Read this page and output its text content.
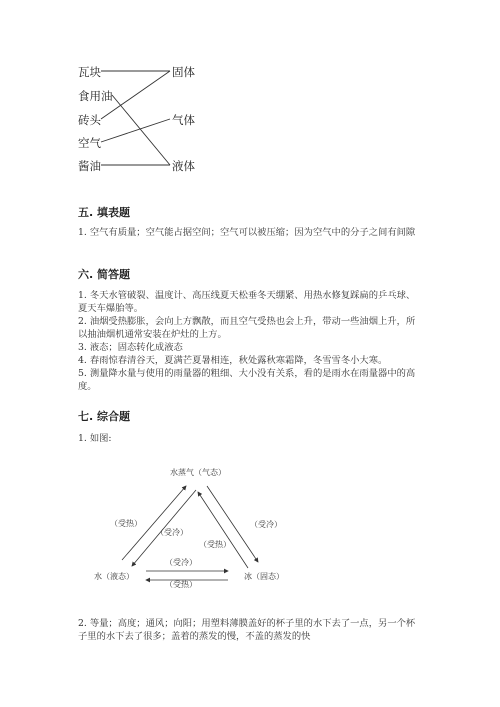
瓦块
食用油
砖头
空气
酱油
固体
气体
液体
五. 填表题

1. 空气有质量；空气能占据空间；空气可以被压缩；因为空气中的分子之间有间隙

六. 简答题

1. 冬天水管破裂、温度计、高压线夏天松垂冬天绷紧、用热水修复踩扁的乒乓球、夏天车爆胎等。

2. 油烟受热膨胀，会向上方飘散，而且空气受热也会上升，带动一些油烟上升，所以抽油烟机通常安装在炉灶的上方。

3. 液态；固态转化成液态

4. 春雨惊春清谷天，夏满芒夏暑相连，秋处露秋寒霜降，冬雪雪冬小大寒。

5. 测量降水量与使用的雨量器的粗细、大小没有关系，看的是雨水在雨量器中的高度。

七. 综合题
1. 如图:
水蒸气（气态）
水（液态）	冰（固态）
（受热）
（受冷）
（受冷）
（受热）
（受冷）
（受热）

2. 等量；高度；通风；向阳；用塑料薄膜盖好的杯子里的水下去了一点，另一个杯子里的水下去了很多；盖着的蒸发的慢，不盖的蒸发的快
